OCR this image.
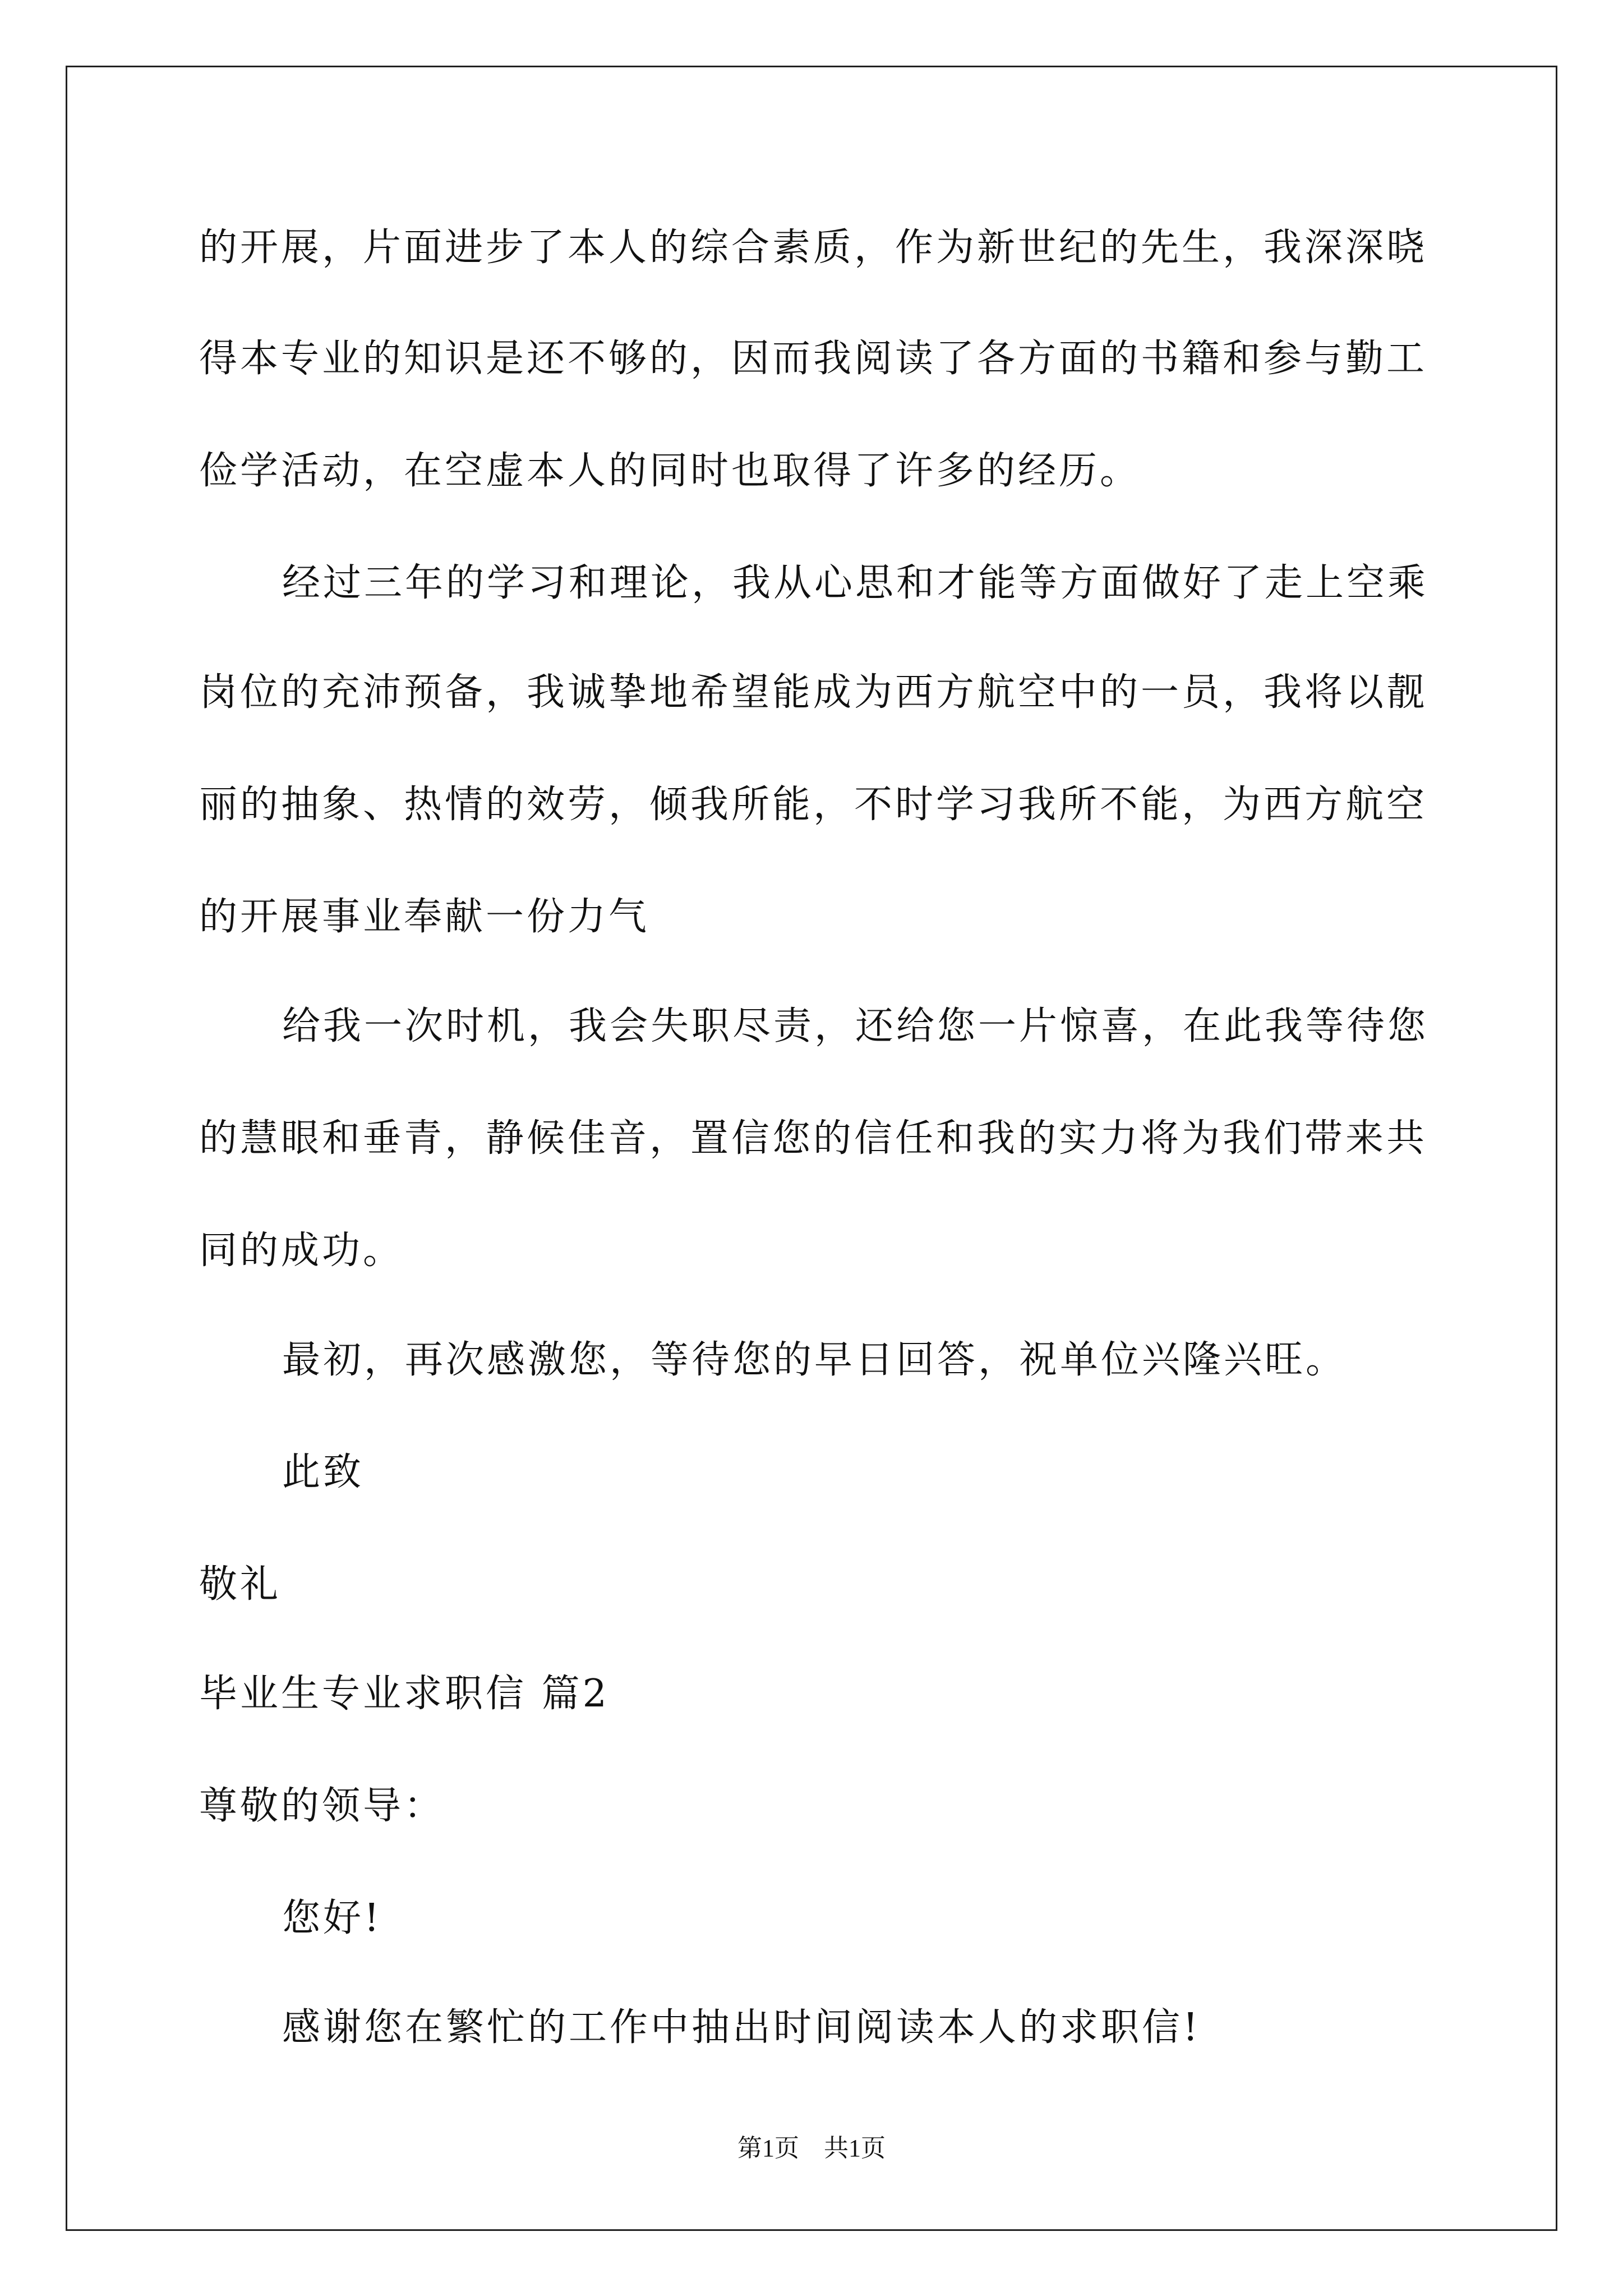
的开展，片面进步了本人的综合素质，作为新世纪的先生，我深深晓
得本专业的知识是还不够的，因而我阅读了各方面的书籍和参与勤工
俭学活动，在空虚本人的同时也取得了许多的经历。
经过三年的学习和理论，我从心思和才能等方面做好了走上空乘
岗位的充沛预备，我诚挚地希望能成为西方航空中的一员，我将以靓
丽的抽象、热情的效劳，倾我所能，不时学习我所不能，为西方航空
的开展事业奉献一份力气
给我一次时机，我会失职尽责，还给您一片惊喜，在此我等待您
的慧眼和垂青，静候佳音，置信您的信任和我的实力将为我们带来共
同的成功。
最初，再次感激您，等待您的早日回答，祝单位兴隆兴旺。
此致
敬礼
毕业生专业求职信 篇2
尊敬的领导：
您好!
感谢您在繁忙的工作中抽出时间阅读本人的求职信!
第1页　共1页
